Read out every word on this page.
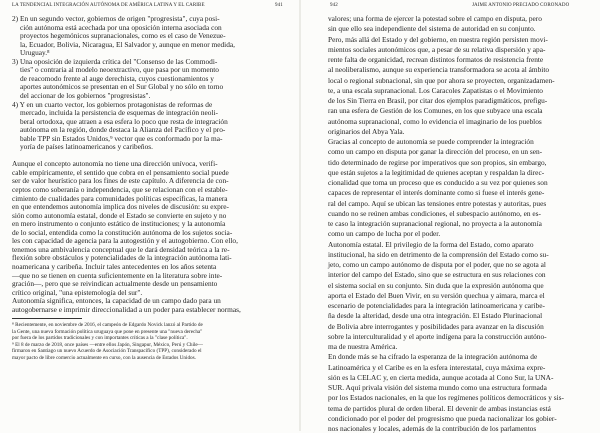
LA TENDENCIAL INTEGRACIÓN AUTÓNOMA DE AMÉRICA LATINA Y EL CARIBE	941
2) En un segundo vector, gobiernos de origen "progresista", cuya posi-
ción autónoma está acechada por una oposición interna asociada con
proyectos hegemónicos supranacionales, como es el caso de Venezue-
la, Ecuador, Bolivia, Nicaragua, El Salvador y, aunque en menor medida,
Uruguay.⁸
3) Una oposición de izquierda crítica del "Consenso de las Commodi-
ties" o contraria al modelo neoextractivo, que pasa por un momento
de reacomodo frente al auge derechista, cuyos cuestionamientos y
aportes autonómicos se presentan en el Sur Global y no sólo en torno
del accionar de los gobiernos "progresistas".
4) Y en un cuarto vector, los gobiernos protagonistas de reformas de
mercado, incluida la persistencia de esquemas de integración neoli-
beral ortodoxa, que atraen a esa esfera lo poco que resta de integración
autónoma en la región, donde destaca la Alianza del Pacífico y el pro-
bable TPP sin Estados Unidos,⁹ vector que es conformado por la ma-
yoría de países latinoamericanos y caribeños.
Aunque el concepto autonomía no tiene una dirección unívoca, verifi-
cable empíricamente, el sentido que cobra en el pensamiento social puede
ser de valor heurístico para los fines de este capítulo. A diferencia de con-
ceptos como soberanía o independencia, que se relacionan con el estable-
cimiento de cualidades para comunidades políticas específicas, la manera
en que entendemos autonomía implica dos niveles de discusión: su expre-
sión como autonomía estatal, donde el Estado se convierte en sujeto y no
en mero instrumento o conjunto estático de instituciones; y la autonomía
de lo social, entendida como la constitución autónoma de los sujetos socia-
les con capacidad de agencia para la autogestión y el autogobierno. Con ello,
tenemos una ambivalencia conceptual que le dará densidad teórica a la re-
flexión sobre obstáculos y potencialidades de la integración autónoma lati-
noamericana y caribeña. Incluir tales antecedentes en los años setenta
—que no se tienen en cuenta suficientemente en la literatura sobre inte-
gración—, pero que se reivindican actualmente desde un pensamiento
crítico original, "una epistemología del sur".
Autonomía significa, entonces, la capacidad de un campo dado para un
autogobernarse e imprimir direccionalidad a un poder para establecer normas,
⁸ Recientemente, en noviembre de 2016, el campeón de Edgardo Novick lanzó al Partido de
la Gente, una nueva formación política uruguaya que pone en presente una "nueva derecha"
por fuera de los partidos tradicionales y con importantes críticas a la "clase política".
⁹ El 8 de marzo de 2018, once países —entre ellos Japón, Singapur, México, Perú y Chile—
firmaron en Santiago un nuevo Acuerdo de Asociación Transpacífico (TPP), considerado el
mayor pacto de libre comercio actualmente en curso, con la ausencia de Estados Unidos.
942	JAIME ANTONIO PRECIADO CORONADO
valores; una forma de ejercer la potestad sobre el campo en disputa, pero
sin que ello sea independiente del sistema de autoridad en su conjunto.
Pero, más allá del Estado y del gobierno, en nuestra región persisten movi-
mientos sociales autonómicos que, a pesar de su relativa dispersión y apa-
rente falta de organicidad, recrean distintos formatos de resistencia frente
al neoliberalismo, aunque su experiencia transformadora se acota al ámbito
local o regional subnacional, sin que por ahora se proyecten, organizadamen-
te, a una escala supranacional. Los Caracoles Zapatistas o el Movimiento
de los Sin Tierra en Brasil, por citar dos ejemplos paradigmáticos, prefigu-
ran una esfera de Gestión de los Comunes, en los que subyace una escala
autónoma supranacional, como lo evidencia el imaginario de los pueblos
originarios del Abya Yala.
Gracias al concepto de autonomía se puede comprender la integración
como un campo en disputa por ganar la dirección del proceso, en un sen-
tido determinado de regirse por imperativos que son propios, sin embargo,
que están sujetos a la legitimidad de quienes aceptan y respaldan la direc-
cionalidad que toma un proceso que es conducido a su vez por quienes son
capaces de representar el interés dominante como si fuese el interés gene-
ral del campo. Aquí se ubican las tensiones entre potestas y autoritas, pues
cuando no se reúnen ambas condiciones, el subespacio autónomo, en es-
te caso la integración supranacional regional, no proyecta a la autonomía
como un campo de lucha por el poder.
Autonomía estatal. El privilegio de la forma del Estado, como aparato
institucional, ha sido en detrimento de la comprensión del Estado como su-
jeto, como un campo autónomo de disputa por el poder, que no se agota al
interior del campo del Estado, sino que se estructura en sus relaciones con
el sistema social en su conjunto. Sin duda que la expresión autónoma que
aporta el Estado del Buen Vivir, en su versión quechua y aimara, marca el
escenario de potencialidades para la integración latinoamericana y caribe-
ña desde la alteridad, desde una otra integración. El Estado Plurinacional
de Bolivia abre interrogantes y posibilidades para avanzar en la discusión
sobre la interculturalidad y el aporte indígena para la construcción autóno-
ma de nuestra América.
En donde más se ha cifrado la esperanza de la integración autónoma de
Latinoamérica y el Caribe es en la esfera interestatal, cuya máxima expre-
sión es la CELAC y, en cierta medida, aunque acotada al Cono Sur, la UNA-
SUR. Aquí privala visión del sistema mundo como una estructura formada
por los Estados nacionales, en la que los regímenes políticos democráticos y sis-
tema de partidos plural de orden liberal. El devenir de ambas instancias está
condicionado por el poder del progresismo que pueda nacionalizar los gobier-
nos nacionales y locales, además de la contribución de los parlamentos
